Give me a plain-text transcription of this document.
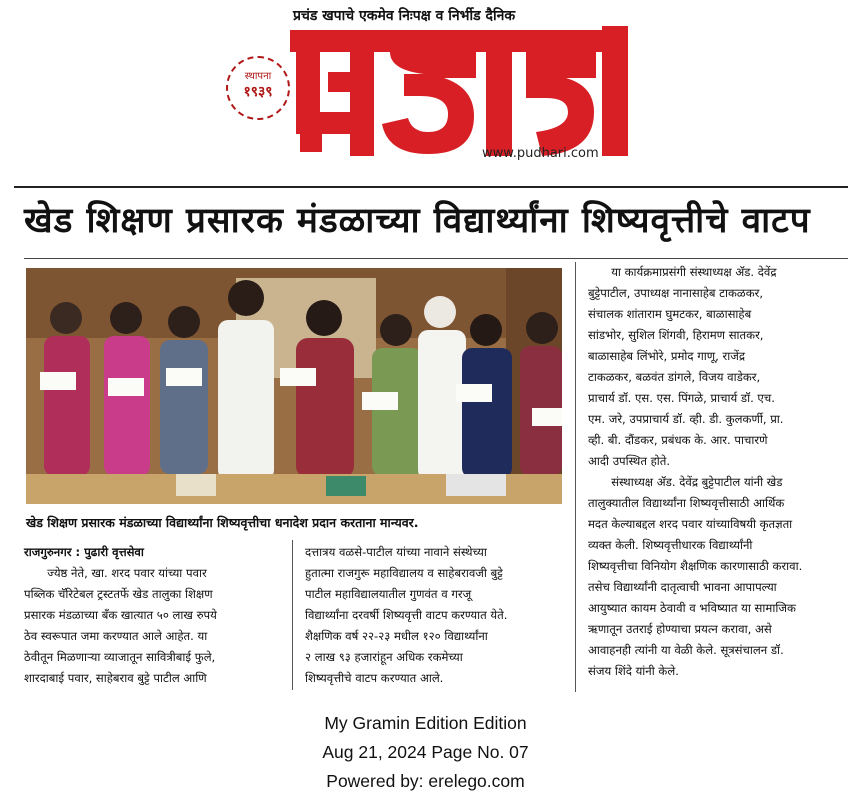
प्रचंड खपाचे एकमेव निःपक्ष व निर्भीड दैनिक
स्थापना
१९३९
www.pudhari.com
खेड शिक्षण प्रसारक मंडळाच्या विद्यार्थ्यांना शिष्यवृत्तीचे वाटप
खेड शिक्षण प्रसारक मंडळाच्या विद्यार्थ्यांना शिष्यवृत्तीचा धनादेश प्रदान करताना मान्यवर.

राजगुरुनगर : पुढारी वृत्तसेवा

ज्येष्ठ नेते, खा. शरद पवार यांच्या पवार
पब्लिक चॅरिटेबल ट्रस्टतर्फे खेड तालुका शिक्षण
प्रसारक मंडळाच्या बँक खात्यात ५० लाख रुपये
ठेव स्वरूपात जमा करण्यात आले आहेत. या
ठेवीतून मिळणाऱ्या व्याजातून सावित्रीबाई फुले,
शारदाबाई पवार, साहेबराव बुट्टे पाटील आणि
दत्तात्रय वळसे-पाटील यांच्या नावाने संस्थेच्या
हुतात्मा राजगुरू महाविद्यालय व साहेबरावजी बुट्टे
पाटील महाविद्यालयातील गुणवंत व गरजू
विद्यार्थ्यांना दरवर्षी शिष्यवृत्ती वाटप करण्यात येते.
शैक्षणिक वर्ष २२-२३ मधील १२० विद्यार्थ्यांना
२ लाख ९३ हजारांहून अधिक रकमेच्या
शिष्यवृत्तीचे वाटप करण्यात आले.
या कार्यक्रमाप्रसंगी संस्थाध्यक्ष ॲड. देवेंद्र
बुट्टेपाटील, उपाध्यक्ष नानासाहेब टाकळकर,
संचालक शांताराम घुमटकर, बाळासाहेब
सांडभोर, सुशिल शिंगवी, हिरामण सातकर,
बाळासाहेब लिंभोरे, प्रमोद गाणू, राजेंद्र
टाकळकर, बळवंत डांगले, विजय वाडेकर,
प्राचार्य डॉ. एस. एस. पिंगळे, प्राचार्य डॉ. एच.
एम. जरे, उपप्राचार्य डॉ. व्ही. डी. कुलकर्णी, प्रा.
व्ही. बी. दौंडकर, प्रबंधक के. आर. पाचारणे
आदी उपस्थित होते.
संस्थाध्यक्ष ॲड. देवेंद्र बुट्टेपाटील यांनी खेड
तालुक्यातील विद्यार्थ्यांना शिष्यवृत्तीसाठी आर्थिक
मदत केल्याबद्दल शरद पवार यांच्याविषयी कृतज्ञता
व्यक्त केली. शिष्यवृत्तीधारक विद्यार्थ्यांनी
शिष्यवृत्तीचा विनियोग शैक्षणिक कारणासाठी करावा.
तसेच विद्यार्थ्यांनी दातृत्वाची भावना आपापल्या
आयुष्यात कायम ठेवावी व भविष्यात या सामाजिक
ऋणातून उतराई होण्याचा प्रयत्न करावा, असे
आवाहनही त्यांनी या वेळी केले. सूत्रसंचालन डॉ.
संजय शिंदे यांनी केले.
My Gramin Edition Edition
Aug 21, 2024 Page No. 07
Powered by: erelego.com
